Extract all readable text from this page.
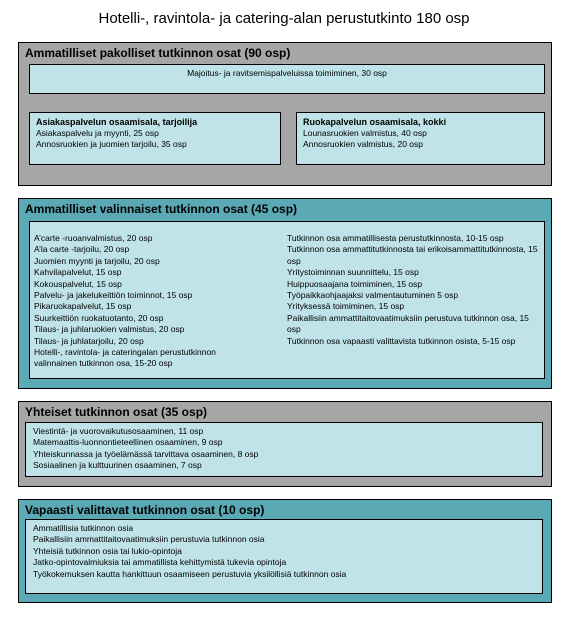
Hotelli-, ravintola- ja catering-alan perustutkinto 180 osp
Ammatilliset pakolliset tutkinnon osat (90 osp)
Majoitus- ja ravitsemispalveluissa toimiminen, 30 osp
Asiakaspalvelun osaamisala, tarjoilija
Asiakaspalvelu ja myynti, 25 osp
Annosruokien ja juomien tarjoilu, 35 osp
Ruokapalvelun osaamisala, kokki
Lounasruokien valmistus, 40 osp
Annosruokien valmistus, 20 osp
Ammatilliset valinnaiset tutkinnon osat (45 osp)
A’carte -ruoanvalmistus, 20 osp
A’la carte -tarjoilu, 20 osp
Juomien myynti ja tarjoilu, 20 osp
Kahvilapalvelut, 15 osp
Kokouspalvelut, 15 osp
Palvelu- ja jakelukeittiön toiminnot, 15 osp
Pikaruokapalvelut, 15 osp
Suurkeittiön ruokatuotanto, 20 osp
Tilaus- ja juhlaruokien valmistus, 20 osp
Tilaus- ja juhlatarjoilu, 20 osp
Hotelli-, ravintola- ja cateringalan perustutkinnon valinnainen tutkinnon osa, 15-20 osp
Tutkinnon osa ammatillisesta perustutkinnosta, 10-15 osp
Tutkinnon osa ammattitutkinnosta tai erikoisammattitutkinnosta, 15 osp
Yritystoiminnan suunnittelu, 15 osp
Huippuosaajana toimiminen, 15 osp
Työpaikkaohjaajaksi valmentautuminen 5 osp
Yrityksessä toimiminen, 15 osp
Paikallisiin ammattitaitovaatimuksiin perustuva tutkinnon osa, 15 osp
Tutkinnon osa vapaasti valittavista tutkinnon osista, 5-15 osp
Yhteiset tutkinnon osat (35 osp)
Viestintä- ja vuorovaikutusosaaminen, 11 osp
Matemaattis-luonnontieteellinen osaaminen, 9 osp
Yhteiskunnassa ja työelämässä tarvittava osaaminen, 8 osp
Sosiaalinen ja kulttuurinen osaaminen, 7 osp
Vapaasti valittavat tutkinnon osat (10 osp)
Ammatillisia tutkinnon osia
Paikallisiin ammattitaitovaatimuksiin perustuvia tutkinnon osia
Yhteisiä tutkinnon osia tai lukio-opintoja
Jatko-opintovalmiuksia tai ammatillista kehittymistä tukevia opintoja
Työkokemuksen kautta hankittuun osaamiseen perustuvia yksilöllisiä tutkinnon osia
